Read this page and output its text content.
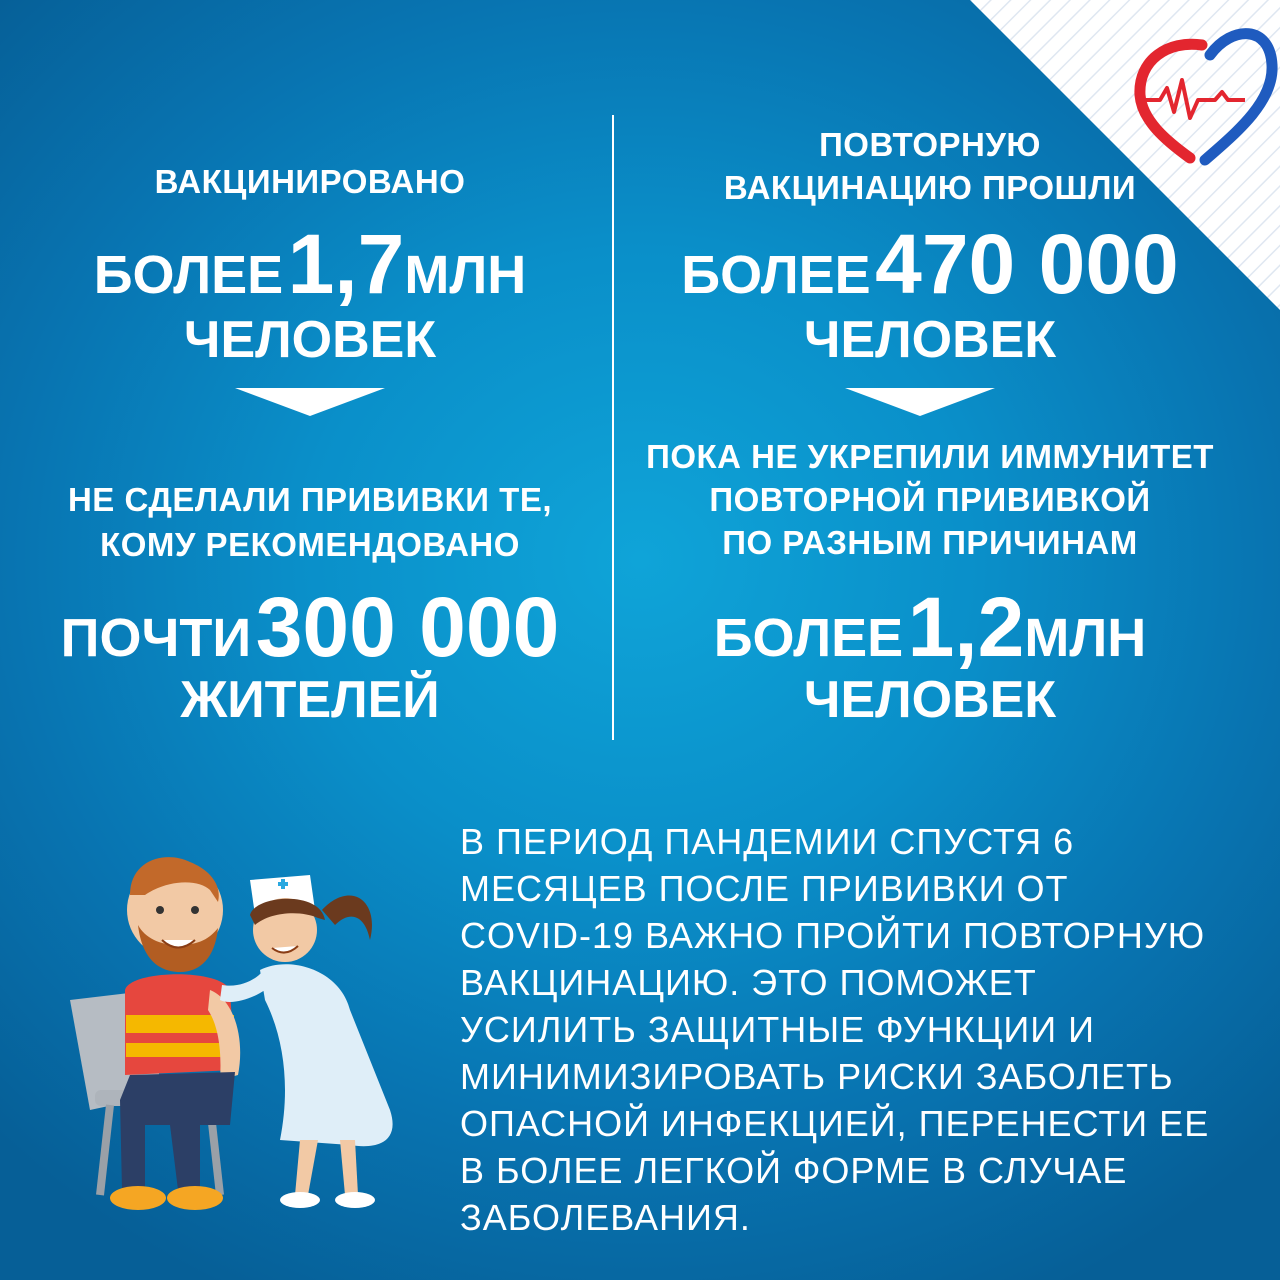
ВАКЦИНИРОВАНО
БОЛЕЕ 1,7МЛН
ЧЕЛОВЕК
НЕ СДЕЛАЛИ ПРИВИВКИ ТЕ,
КОМУ РЕКОМЕНДОВАНО
ПОЧТИ 300 000
ЖИТЕЛЕЙ
ПОВТОРНУЮ
ВАКЦИНАЦИЮ ПРОШЛИ
БОЛЕЕ 470 000
ЧЕЛОВЕК
ПОКА НЕ УКРЕПИЛИ ИММУНИТЕТ
ПОВТОРНОЙ ПРИВИВКОЙ
ПО РАЗНЫМ ПРИЧИНАМ
БОЛЕЕ 1,2МЛН
ЧЕЛОВЕК
В ПЕРИОД ПАНДЕМИИ СПУСТЯ 6
МЕСЯЦЕВ ПОСЛЕ ПРИВИВКИ ОТ
COVID-19 ВАЖНО ПРОЙТИ ПОВТОРНУЮ
ВАКЦИНАЦИЮ. ЭТО ПОМОЖЕТ
УСИЛИТЬ ЗАЩИТНЫЕ ФУНКЦИИ И
МИНИМИЗИРОВАТЬ РИСКИ ЗАБОЛЕТЬ
ОПАСНОЙ ИНФЕКЦИЕЙ, ПЕРЕНЕСТИ ЕЕ
В БОЛЕЕ ЛЕГКОЙ ФОРМЕ В СЛУЧАЕ
ЗАБОЛЕВАНИЯ.
